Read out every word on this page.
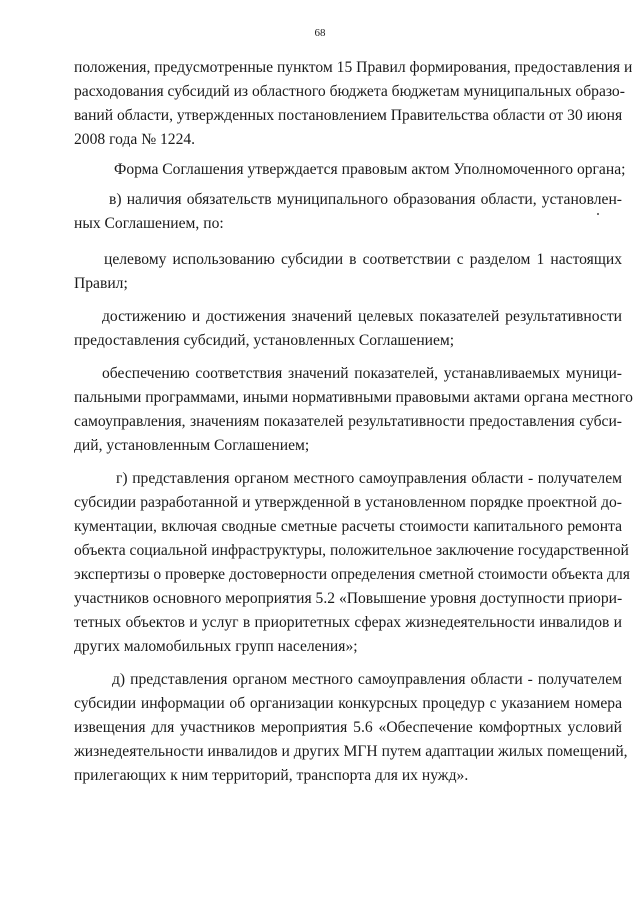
68
положения, предусмотренные пунктом 15 Правил формирования, предоставления и
расходования субсидий из областного бюджета бюджетам муниципальных образо-
ваний области, утвержденных постановлением Правительства области от 30 июня
2008 года № 1224.
Форма Соглашения утверждается правовым актом Уполномоченного органа;
в) наличия обязательств муниципального образования области, установлен-
ных Соглашением, по:
целевому использованию субсидии в соответствии с разделом 1 настоящих
Правил;
достижению и достижения значений целевых показателей результативности
предоставления субсидий, установленных Соглашением;
обеспечению соответствия значений показателей, устанавливаемых муници-
пальными программами, иными нормативными правовыми актами органа местного
самоуправления, значениям показателей результативности предоставления субси-
дий, установленным Соглашением;
г) представления органом местного самоуправления области - получателем
субсидии разработанной и утвержденной в установленном порядке проектной до-
кументации, включая сводные сметные расчеты стоимости капитального ремонта
объекта социальной инфраструктуры, положительное заключение государственной
экспертизы о проверке достоверности определения сметной стоимости объекта для
участников основного мероприятия 5.2 «Повышение уровня доступности приори-
тетных объектов и услуг в приоритетных сферах жизнедеятельности инвалидов и
других маломобильных групп населения»;
д) представления органом местного самоуправления области - получателем
субсидии информации об организации конкурсных процедур с указанием номера
извещения для участников мероприятия 5.6 «Обеспечение комфортных условий
жизнедеятельности инвалидов и других МГН путем адаптации жилых помещений,
прилегающих к ним территорий, транспорта для их нужд».
